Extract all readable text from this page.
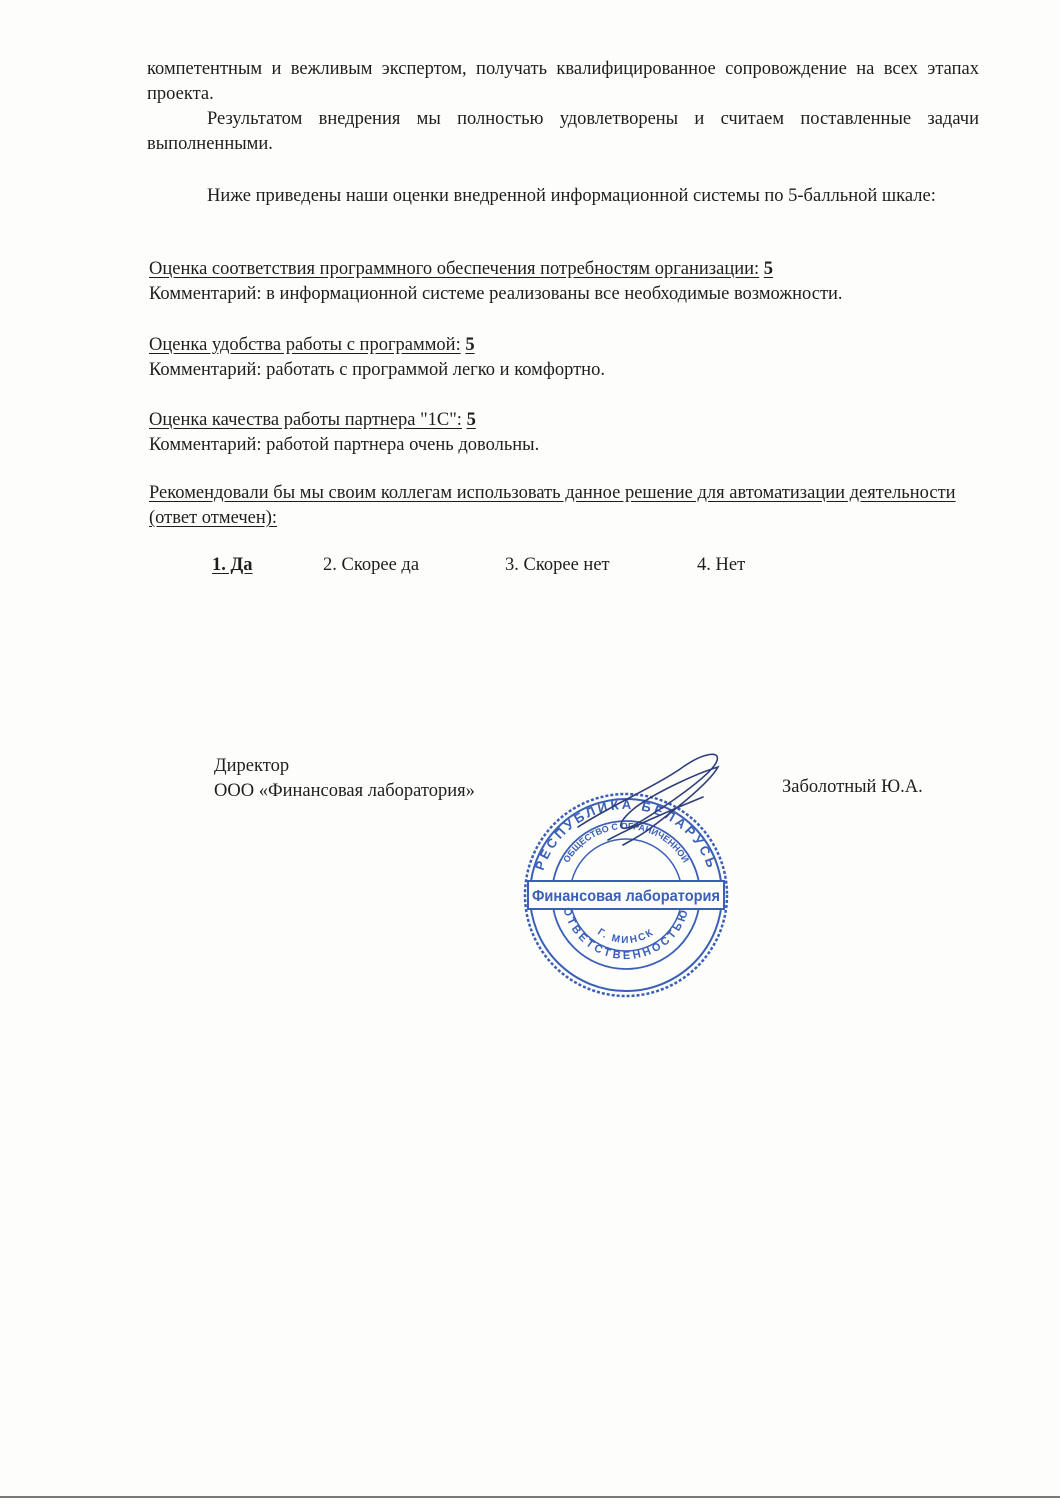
компетентным и вежливым экспертом, получать квалифицированное сопровождение на всех этапах проекта.
Результатом внедрения мы полностью удовлетворены и считаем поставленные задачи выполненными.
Ниже приведены наши оценки внедренной информационной системы по 5-балльной шкале:
Оценка соответствия программного обеспечения потребностям организации: 5
Комментарий: в информационной системе реализованы все необходимые возможности.
Оценка удобства работы с программой: 5
Комментарий: работать с программой легко и комфортно.
Оценка качества работы партнера "1С": 5
Комментарий: работой партнера очень довольны.
Рекомендовали бы мы своим коллегам использовать данное решение для автоматизации деятельности (ответ отмечен):
1. Да	2. Скорее да	3. Скорее нет	4. Нет
Директор
ООО «Финансовая лаборатория»
РЕСПУБЛИКА БЕЛАРУСЬ
ОБЩЕСТВО С ОГРАНИЧЕННОЙ
ОТВЕТСТВЕННОСТЬЮ
Г. МИНСК
Финансовая лаборатория
Заболотный Ю.А.
